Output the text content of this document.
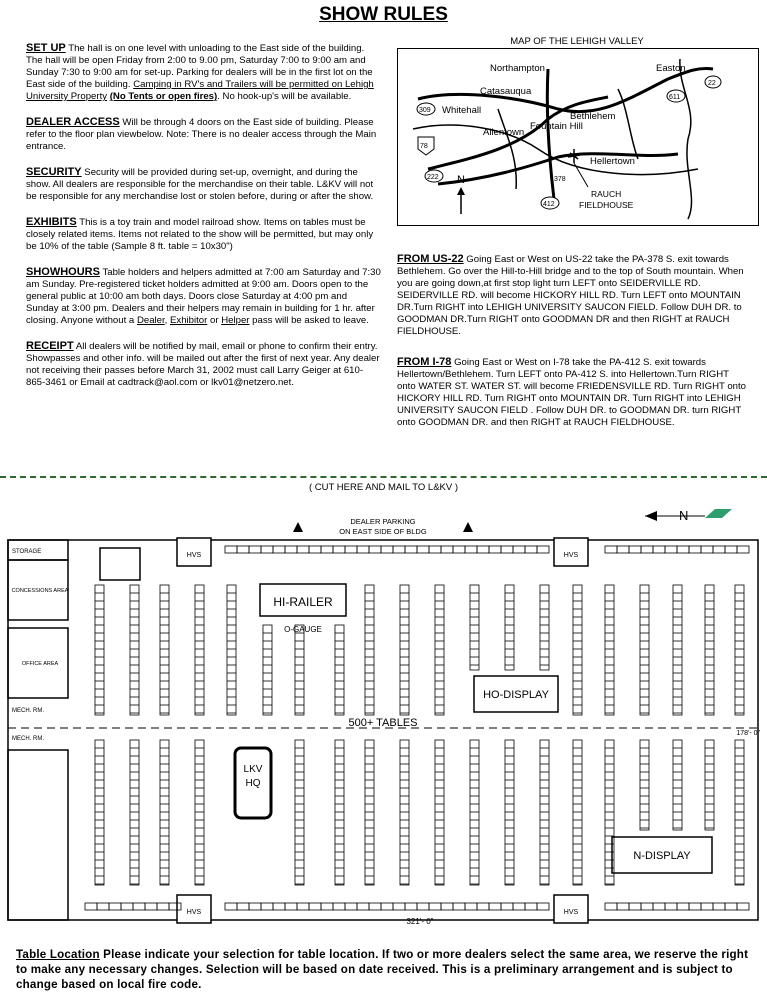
SHOW RULES

SET UP The hall is on one level with unloading to the East side of the building. The hall will be open Friday from 2:00 to 9.00 pm, Saturday 7:00 to 9:00 am and Sunday 7:30 to 9:00 am for set-up. Parking for dealers will be in the first lot on the East side of the building. Camping in RV's and Trailers will be permitted on Lehigh University Property (No Tents or open fires). No hook-up's will be available.

DEALER ACCESS Will be through 4 doors on the East side of building. Please refer to the floor plan viewbelow. Note: There is no dealer access through the Main entrance.

SECURITY Security will be provided during set-up, overnight, and during the show. All dealers are responsible for the merchandise on their table. L&KV will not be responsible for any merchandise lost or stolen before, during or after the show.

EXHIBITS This is a toy train and model railroad show. Items on tables must be closely related items. Items not related to the show will be permitted, but may only be 10% of the table (Sample 8 ft. table = 10x30")

SHOWHOURS Table holders and helpers admitted at 7:00 am Saturday and 7:30 am Sunday. Pre-registered ticket holders admitted at 9:00 am. Doors open to the general public at 10:00 am both days. Doors close Saturday at 4:00 pm and Sunday at 3:00 pm. Dealers and their helpers may remain in building for 1 hr. after closing. Anyone without a Dealer, Exhibitor or Helper pass will be asked to leave.

RECEIPT All dealers will be notified by mail, email or phone to confirm their entry. Showpasses and other info. will be mailed out after the first of next year. Any dealer not receiving their passes before March 31, 2002 must call Larry Geiger at 610-865-3461 or Email at cadtrack@aol.com or lkv01@netzero.net.

MAP OF THE LEHIGH VALLEY
Northampton	Easton
Catasauqua
Whitehall
Allentown
Bethlehem
Fountain Hill
Hellertown
22
611
309
78
222	378
412
N
RAUCH
FIELDHOUSE

FROM US-22 Going East or West on US-22 take the PA-378 S. exit towards Bethlehem. Go over the Hill-to-Hill bridge and to the top of South mountain. When you are going down,at first stop light turn LEFT onto SEIDERVILLE RD. SEIDERVILLE RD. will become HICKORY HILL RD. Turn LEFT onto MOUNTAIN DR.Turn RIGHT into LEHIGH UNIVERSITY SAUCON FIELD. Follow DUH DR. to GOODMAN DR.Turn RIGHT onto GOODMAN DR and then RIGHT at RAUCH FIELDHOUSE.

FROM I-78 Going East or West on I-78 take the PA-412 S. exit towards Hellertown/Bethlehem. Turn LEFT onto PA-412 S. into Hellertown.Turn RIGHT onto WATER ST. WATER ST. will become FRIEDENSVILLE RD. Turn RIGHT onto HICKORY HILL RD. Turn RIGHT onto MOUNTAIN DR. Turn RIGHT into LEHIGH UNIVERSITY SAUCON FIELD . Follow DUH DR. to GOODMAN DR. turn RIGHT onto GOODMAN DR. and then RIGHT at RAUCH FIELDHOUSE.

( CUT HERE AND MAIL TO L&KV )
N
DEALER PARKING
ON EAST SIDE OF BLDG
HVS	HVS
HVS	HVS
HI-RAILER
O-GAUGE
500+ TABLES
HO-DISPLAY
N-DISPLAY
LKV
HQ
STORAGE
CONCESSIONS AREA
OFFICE AREA
MECH. RM.
MECH. RM.
321'- 0"
178'- 0"
Table Location Please indicate your selection for table location. If two or more dealers select the same area, we reserve the right to make any necessary changes. Selection will be based on date received. This is a preliminary arrangement and is subject to change based on local fire code.
